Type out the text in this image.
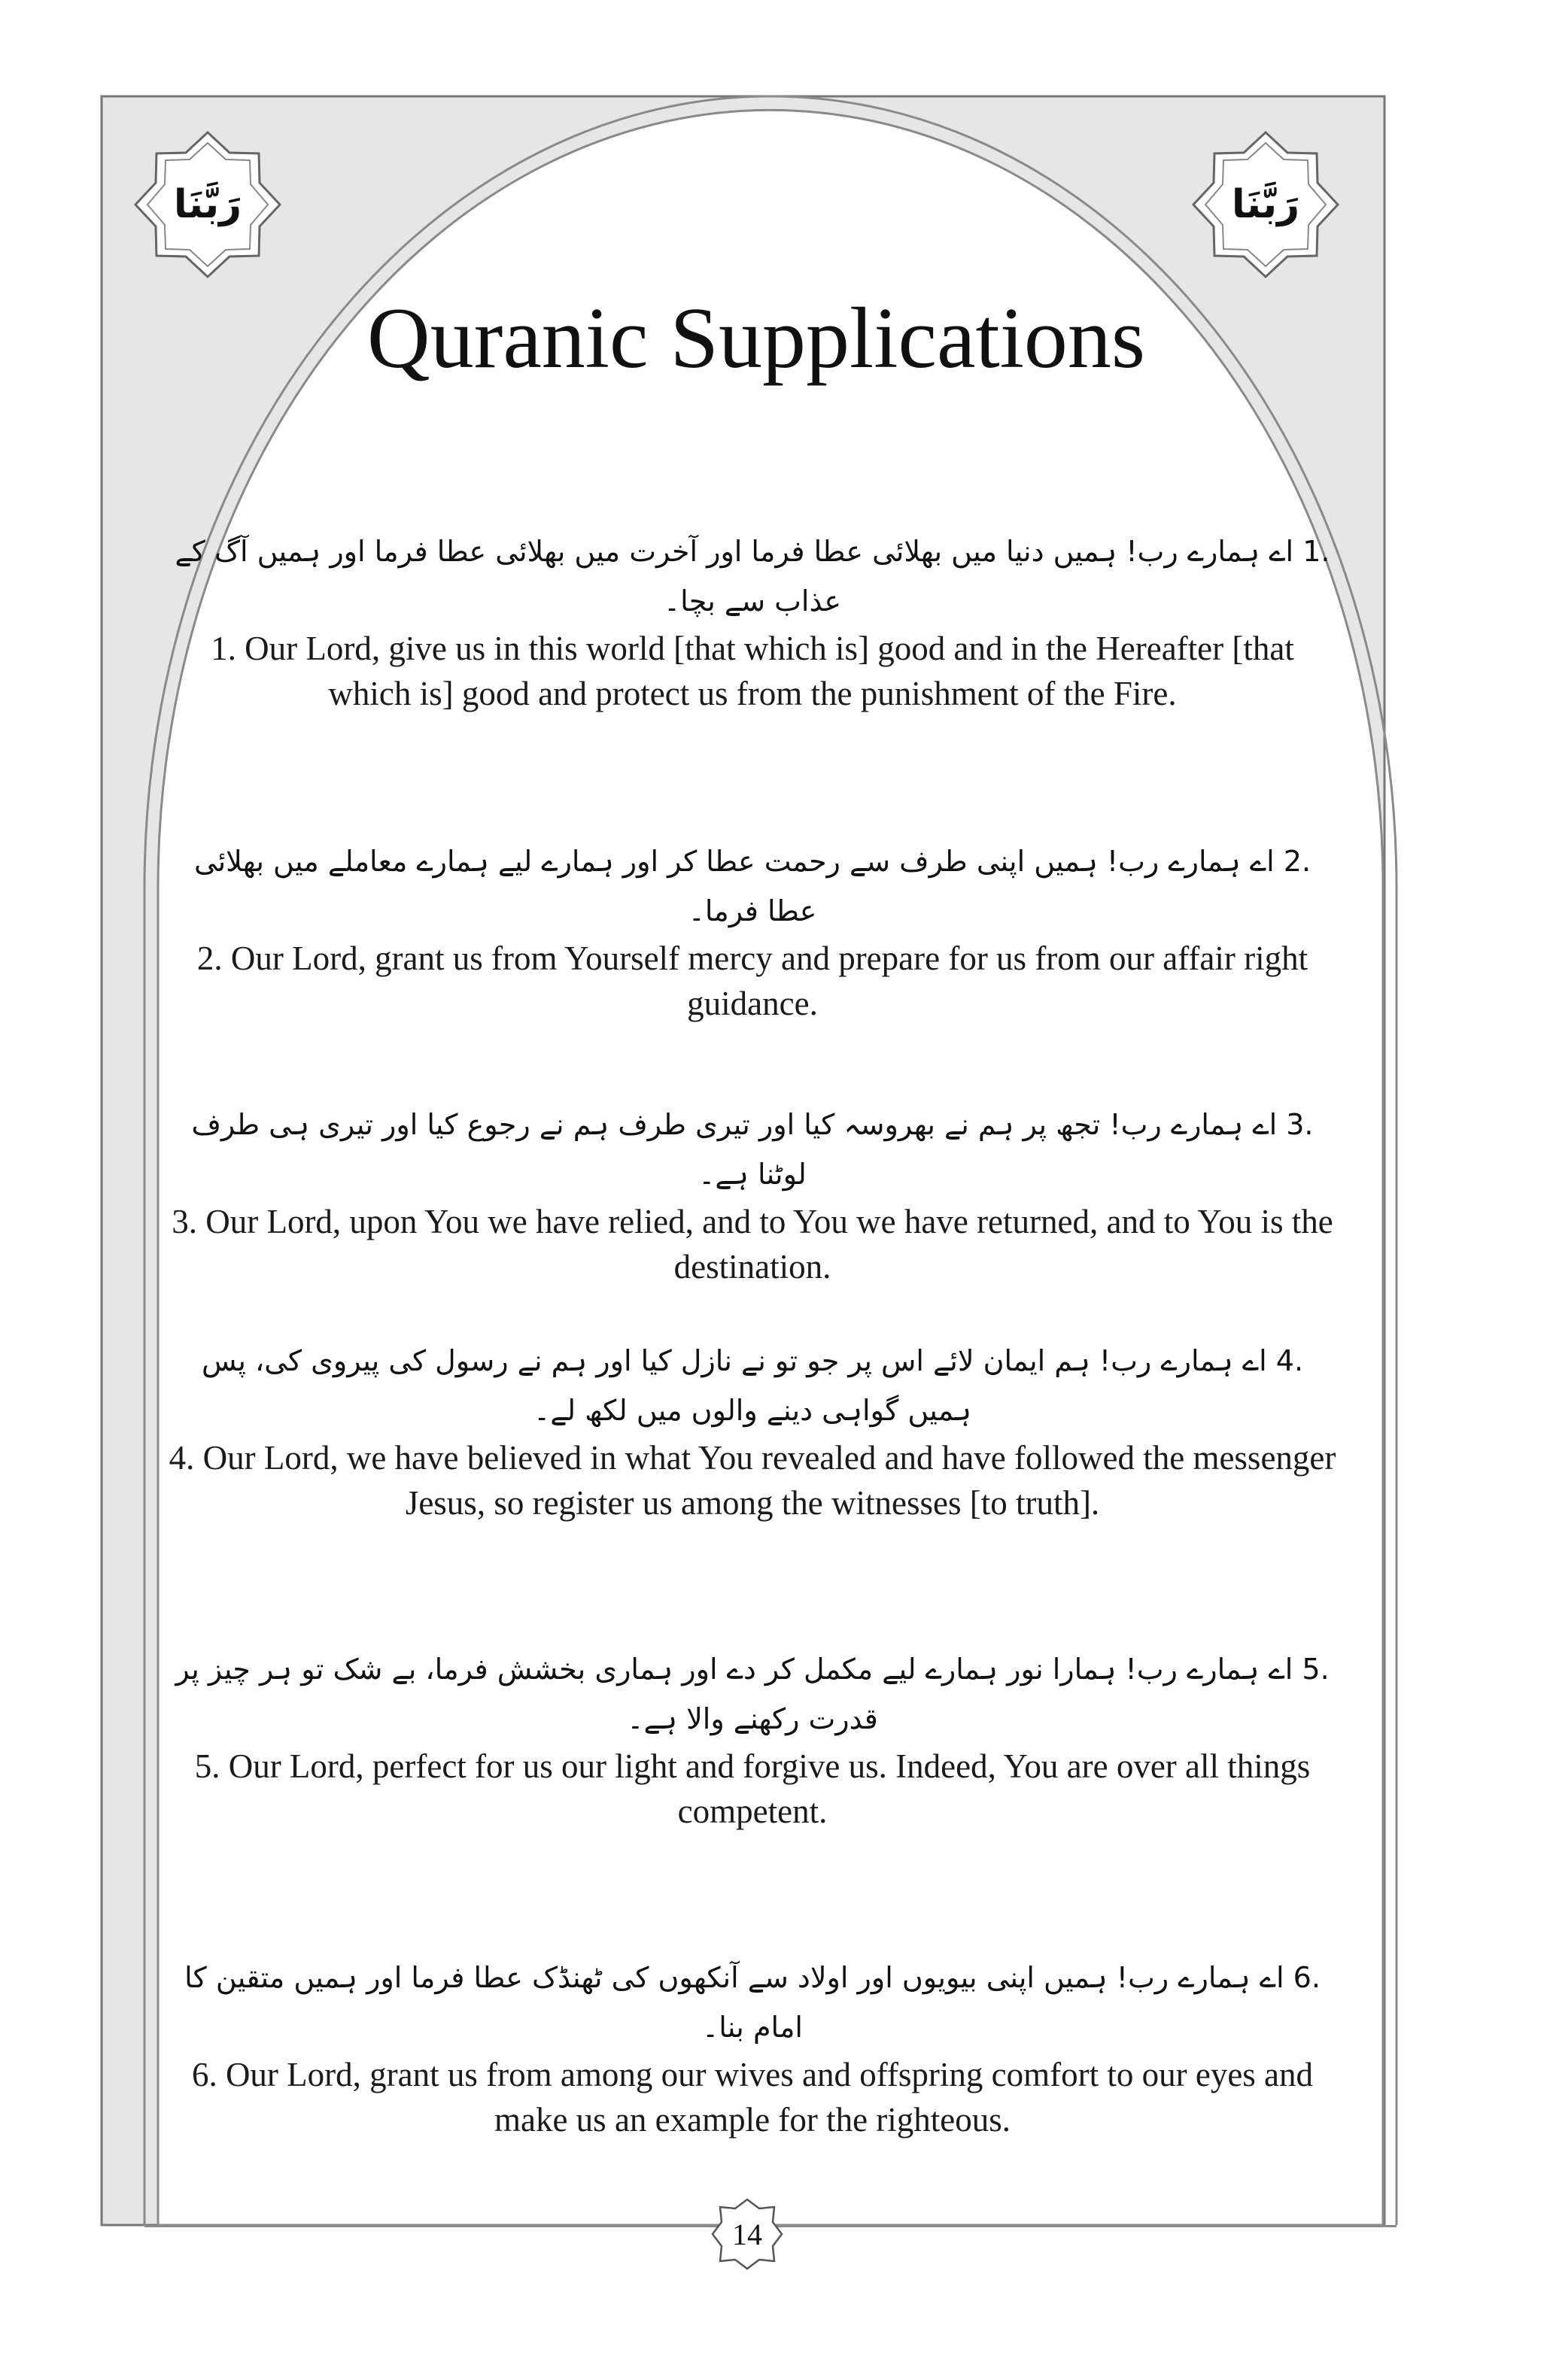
رَبَّنَا	رَبَّنَا
Quranic Supplications
.1 اے ہمارے رب! ہمیں دنیا میں بھلائی عطا فرما اور آخرت میں بھلائی عطا فرما اور ہمیں آگ کے عذاب سے بچا۔
1. Our Lord, give us in this world [that which is] good and in the Hereafter [that which is] good and protect us from the punishment of the Fire.
.2 اے ہمارے رب! ہمیں اپنی طرف سے رحمت عطا کر اور ہمارے لیے ہمارے معاملے میں بھلائی عطا فرما۔
2. Our Lord, grant us from Yourself mercy and prepare for us from our affair right guidance.
.3 اے ہمارے رب! تجھ پر ہم نے بھروسہ کیا اور تیری طرف ہم نے رجوع کیا اور تیری ہی طرف لوٹنا ہے۔
3. Our Lord, upon You we have relied, and to You we have returned, and to You is the destination.
.4 اے ہمارے رب! ہم ایمان لائے اس پر جو تو نے نازل کیا اور ہم نے رسول کی پیروی کی، پس ہمیں گواہی دینے والوں میں لکھ لے۔
4. Our Lord, we have believed in what You revealed and have followed the messenger Jesus, so register us among the witnesses [to truth].
.5 اے ہمارے رب! ہمارا نور ہمارے لیے مکمل کر دے اور ہماری بخشش فرما، بے شک تو ہر چیز پر قدرت رکھنے والا ہے۔
5. Our Lord, perfect for us our light and forgive us. Indeed, You are over all things competent.
.6 اے ہمارے رب! ہمیں اپنی بیویوں اور اولاد سے آنکھوں کی ٹھنڈک عطا فرما اور ہمیں متقین کا امام بنا۔
6. Our Lord, grant us from among our wives and offspring comfort to our eyes and make us an example for the righteous.
14
